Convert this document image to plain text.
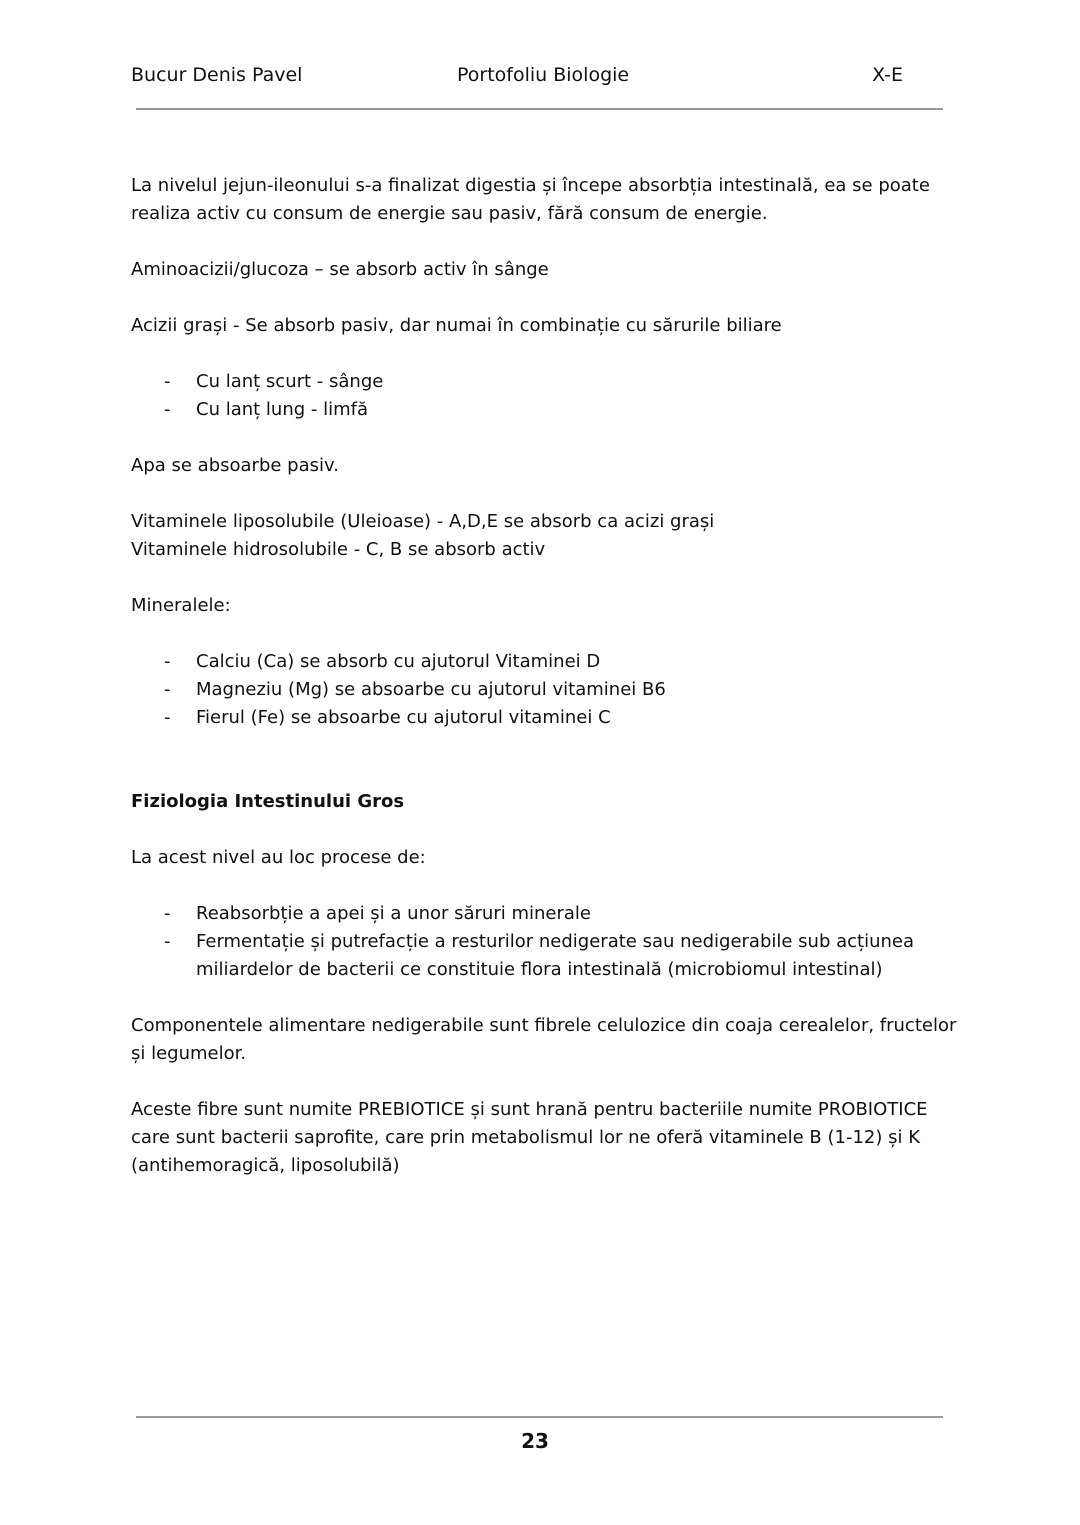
Bucur Denis Pavel	Portofoliu Biologie	X-E

La nivelul jejun-ileonului s-a finalizat digestia și începe absorbția intestinală, ea se poate realiza activ cu consum de energie sau pasiv, fără consum de energie.

Aminoacizii/glucoza – se absorb activ în sânge

Acizii grași - Se absorb pasiv, dar numai în combinație cu sărurile biliare

- Cu lanț scurt - sânge
- Cu lanț lung - limfă

Apa se absoarbe pasiv.

Vitaminele liposolubile (Uleioase) - A,D,E se absorb ca acizi grași
Vitaminele hidrosolubile - C, B se absorb activ

Mineralele:

- Calciu (Ca) se absorb cu ajutorul Vitaminei D
- Magneziu (Mg) se absoarbe cu ajutorul vitaminei B6
- Fierul (Fe) se absoarbe cu ajutorul vitaminei C

Fiziologia Intestinului Gros

La acest nivel au loc procese de:

- Reabsorbție a apei și a unor săruri minerale
- Fermentație și putrefacție a resturilor nedigerate sau nedigerabile sub acțiunea miliardelor de bacterii ce constituie flora intestinală (microbiomul intestinal)

Componentele alimentare nedigerabile sunt fibrele celulozice din coaja cerealelor, fructelor și legumelor.

Aceste fibre sunt numite PREBIOTICE și sunt hrană pentru bacteriile numite PROBIOTICE care sunt bacterii saprofite, care prin metabolismul lor ne oferă vitaminele B (1-12) și K (antihemoragică, liposolubilă)

23
